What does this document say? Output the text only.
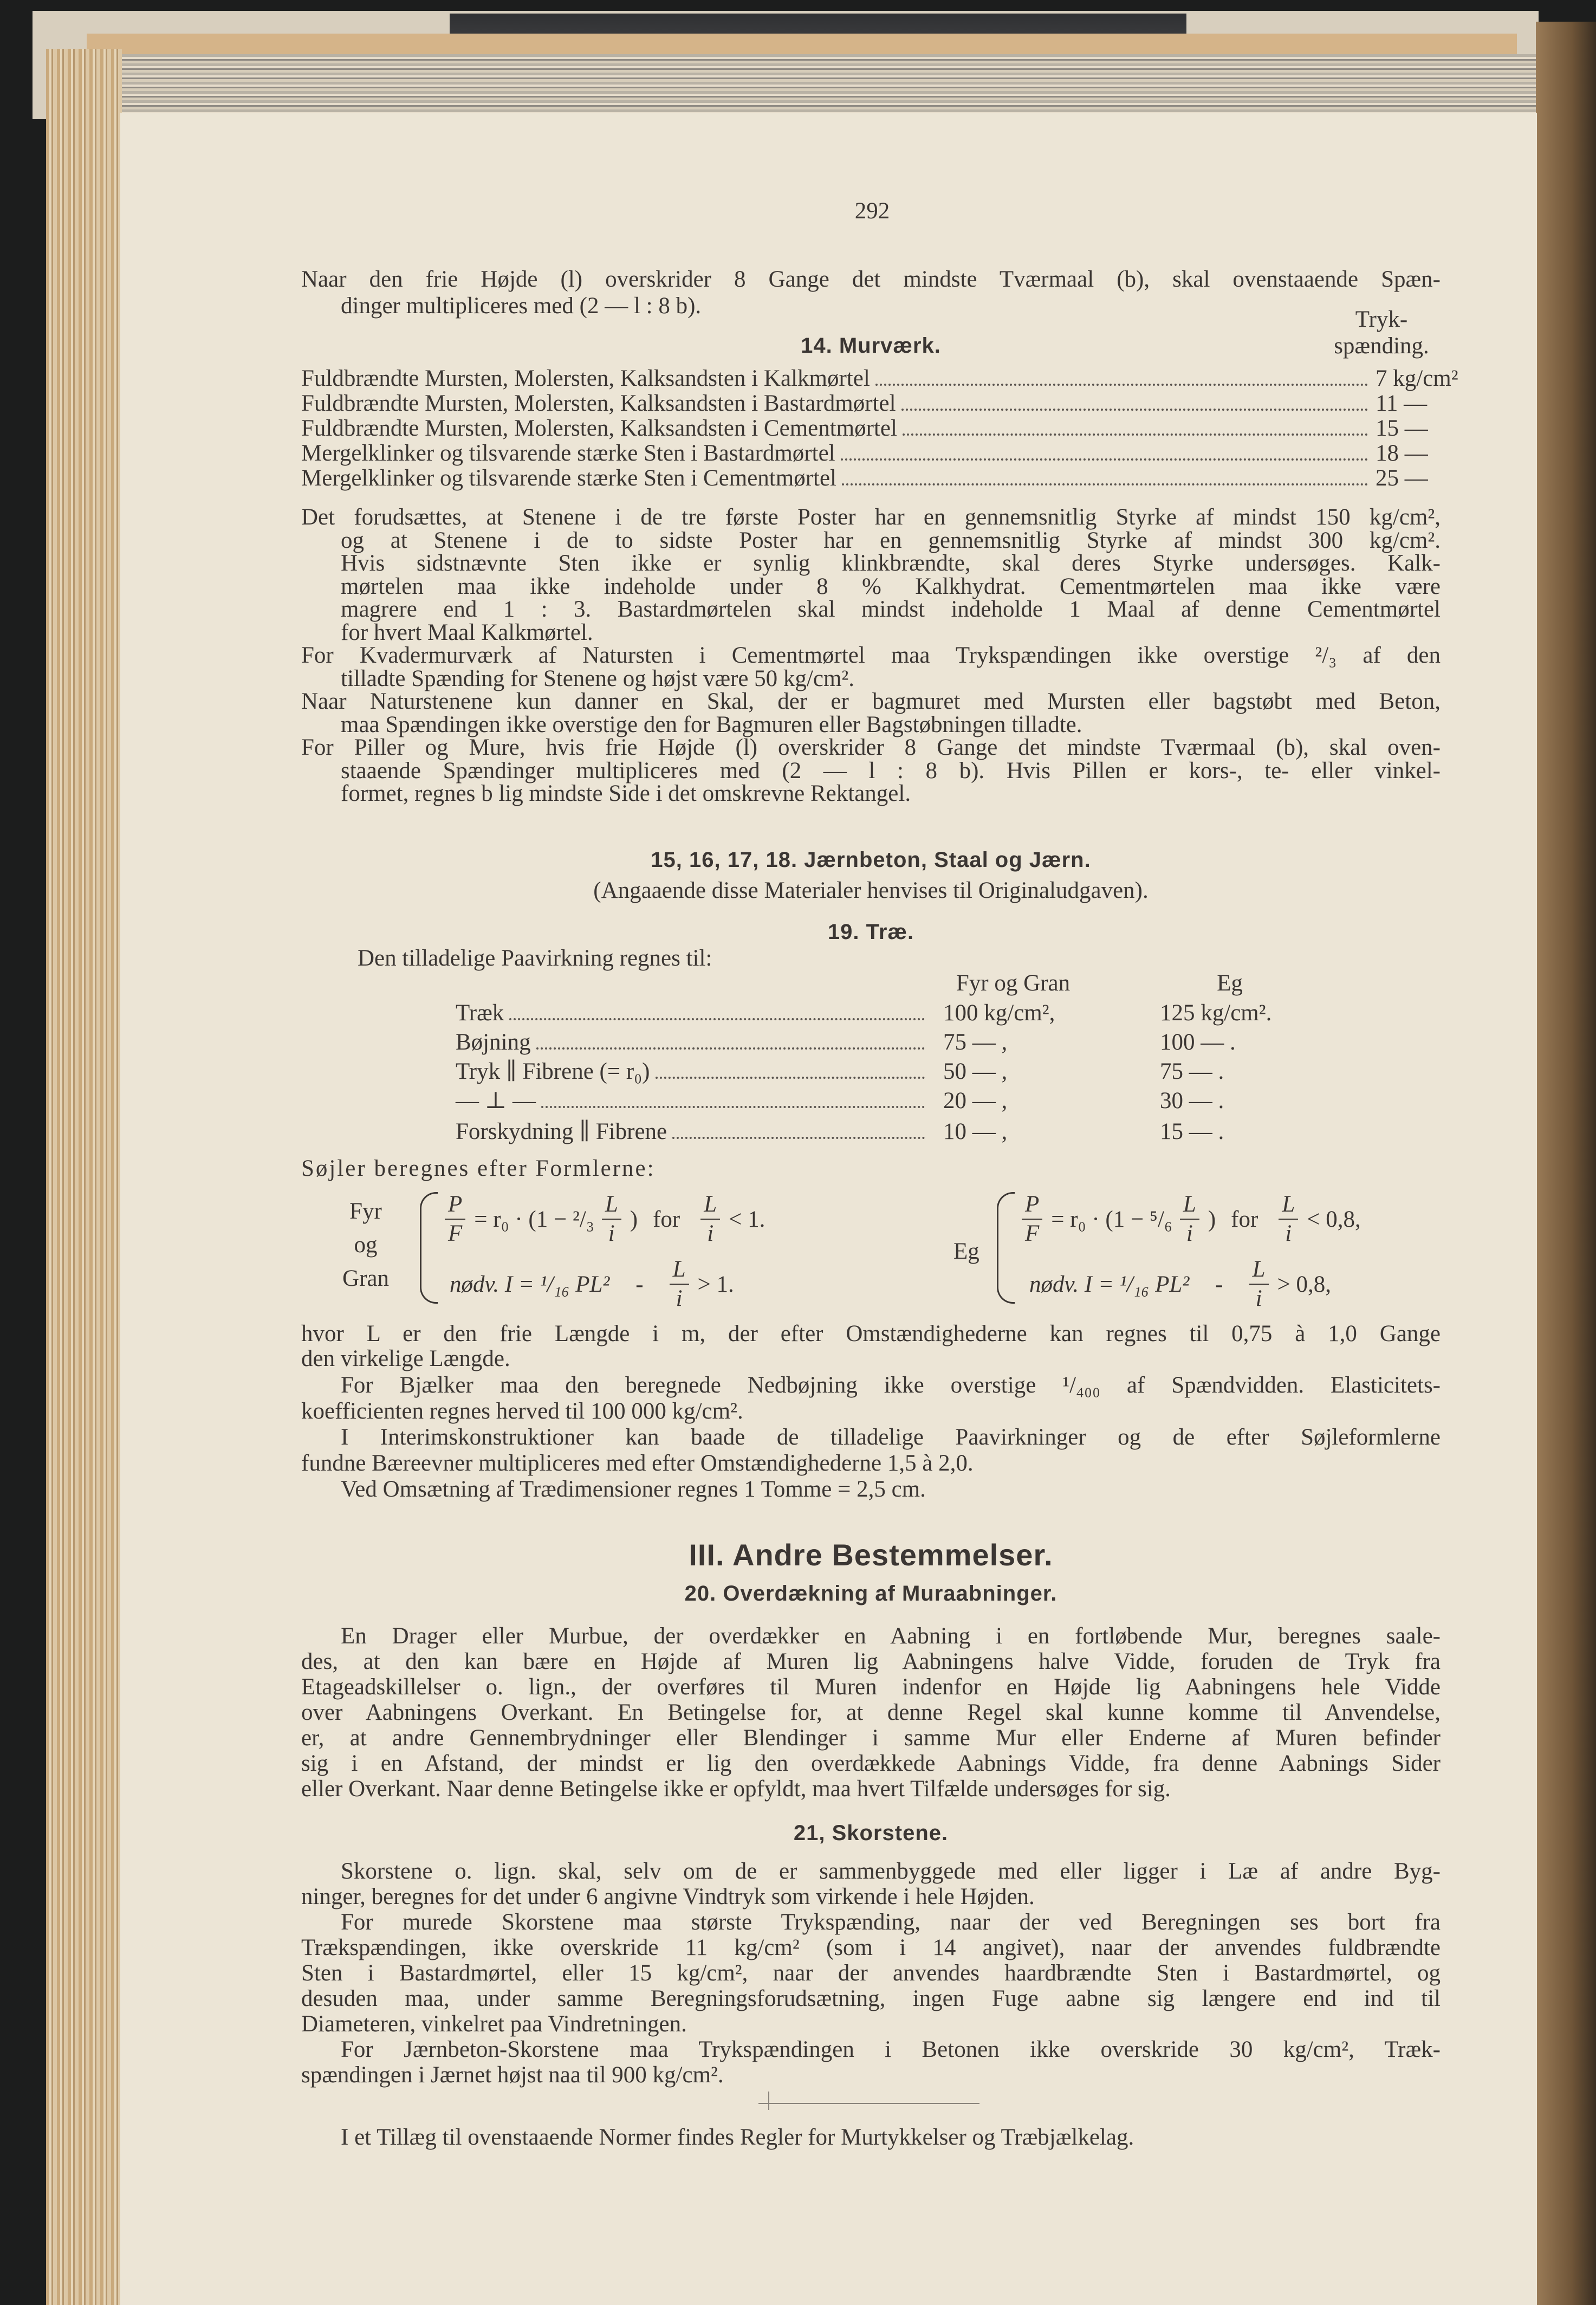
292
Naar den frie Højde (l) overskrider 8 Gange det mindste Tværmaal (b), skal ovenstaaende Spæn-
dinger multipliceres med (2 — l : 8 b).
Tryk-
spænding.
14. Murværk.
Fuldbrændte Mursten, Molersten, Kalksandsten i Kalkmørtel	7 kg/cm²
Fuldbrændte Mursten, Molersten, Kalksandsten i Bastardmørtel	11 —
Fuldbrændte Mursten, Molersten, Kalksandsten i Cementmørtel	15 —
Mergelklinker og tilsvarende stærke Sten i Bastardmørtel	18 —
Mergelklinker og tilsvarende stærke Sten i Cementmørtel	25 —
Det forudsættes, at Stenene i de tre første Poster har en gennemsnitlig Styrke af mindst 150 kg/cm²,
og at Stenene i de to sidste Poster har en gennemsnitlig Styrke af mindst 300 kg/cm².
Hvis sidstnævnte Sten ikke er synlig klinkbrændte, skal deres Styrke undersøges. Kalk-
mørtelen maa ikke indeholde under 8 % Kalkhydrat. Cementmørtelen maa ikke være
magrere end 1 : 3. Bastardmørtelen skal mindst indeholde 1 Maal af denne Cementmørtel
for hvert Maal Kalkmørtel.
For Kvadermurværk af Natursten i Cementmørtel maa Trykspændingen ikke overstige ²/₃ af den
tilladte Spænding for Stenene og højst være 50 kg/cm².
Naar Naturstenene kun danner en Skal, der er bagmuret med Mursten eller bagstøbt med Beton,
maa Spændingen ikke overstige den for Bagmuren eller Bagstøbningen tilladte.
For Piller og Mure, hvis frie Højde (l) overskrider 8 Gange det mindste Tværmaal (b), skal oven-
staaende Spændinger multipliceres med (2 — l : 8 b). Hvis Pillen er kors-, te- eller vinkel-
formet, regnes b lig mindste Side i det omskrevne Rektangel.
15, 16, 17, 18. Jærnbeton, Staal og Jærn.
(Angaaende disse Materialer henvises til Originaludgaven).
19. Træ.
Den tilladelige Paavirkning regnes til:
Fyr og Gran	Eg
Træk	100 kg/cm²,	125 kg/cm².
Bøjning	75 — ,	100 — .
Tryk ∥ Fibrene (= r₀)	50 — ,	75 — .
— ⊥ —	20 — ,	30 — .
Forskydning ∥ Fibrene	10 — ,	15 — .
Søjler beregnes efter Formlerne:
Fyr
og
Gran
$\frac{P}{F} = r_0 \cdot (1 - ^2/_3 \frac{L}{i}$ ) for $\frac{L}{i} < 1$.
nødv. I = ¹/₁₆ $PL^2 - \frac{L}{i} > 1$.
Eg
$\frac{P}{F} = r_0 \cdot (1 - ^5/_6 \frac{L}{i}$ ) for $\frac{L}{i} < 0,8$,
nødv. I = ¹/₁₆ $PL^2 - \frac{L}{i} > 0,8$,
hvor L er den frie Længde i m, der efter Omstændighederne kan regnes til 0,75 à 1,0 Gange
den virkelige Længde.
For Bjælker maa den beregnede Nedbøjning ikke overstige ¹/₄₀₀ af Spændvidden. Elasticitets-
koefficienten regnes herved til 100 000 kg/cm².
I Interimskonstruktioner kan baade de tilladelige Paavirkninger og de efter Søjleformlerne
fundne Bæreevner multipliceres med efter Omstændighederne 1,5 à 2,0.
Ved Omsætning af Trædimensioner regnes 1 Tomme = 2,5 cm.
III. Andre Bestemmelser.
20. Overdækning af Muraabninger.
En Drager eller Murbue, der overdækker en Aabning i en fortløbende Mur, beregnes saale-
des, at den kan bære en Højde af Muren lig Aabningens halve Vidde, foruden de Tryk fra
Etageadskillelser o. lign., der overføres til Muren indenfor en Højde lig Aabningens hele Vidde
over Aabningens Overkant. En Betingelse for, at denne Regel skal kunne komme til Anvendelse,
er, at andre Gennembrydninger eller Blendinger i samme Mur eller Enderne af Muren befinder
sig i en Afstand, der mindst er lig den overdækkede Aabnings Vidde, fra denne Aabnings Sider
eller Overkant. Naar denne Betingelse ikke er opfyldt, maa hvert Tilfælde undersøges for sig.
21, Skorstene.
Skorstene o. lign. skal, selv om de er sammenbyggede med eller ligger i Læ af andre Byg-
ninger, beregnes for det under 6 angivne Vindtryk som virkende i hele Højden.
For murede Skorstene maa største Trykspænding, naar der ved Beregningen ses bort fra
Trækspændingen, ikke overskride 11 kg/cm² (som i 14 angivet), naar der anvendes fuldbrændte
Sten i Bastardmørtel, eller 15 kg/cm², naar der anvendes haardbrændte Sten i Bastardmørtel, og
desuden maa, under samme Beregningsforudsætning, ingen Fuge aabne sig længere end ind til
Diameteren, vinkelret paa Vindretningen.
For Jærnbeton-Skorstene maa Trykspændingen i Betonen ikke overskride 30 kg/cm², Træk-
spændingen i Jærnet højst naa til 900 kg/cm².
I et Tillæg til ovenstaaende Normer findes Regler for Murtykkelser og Træbjælkelag.
